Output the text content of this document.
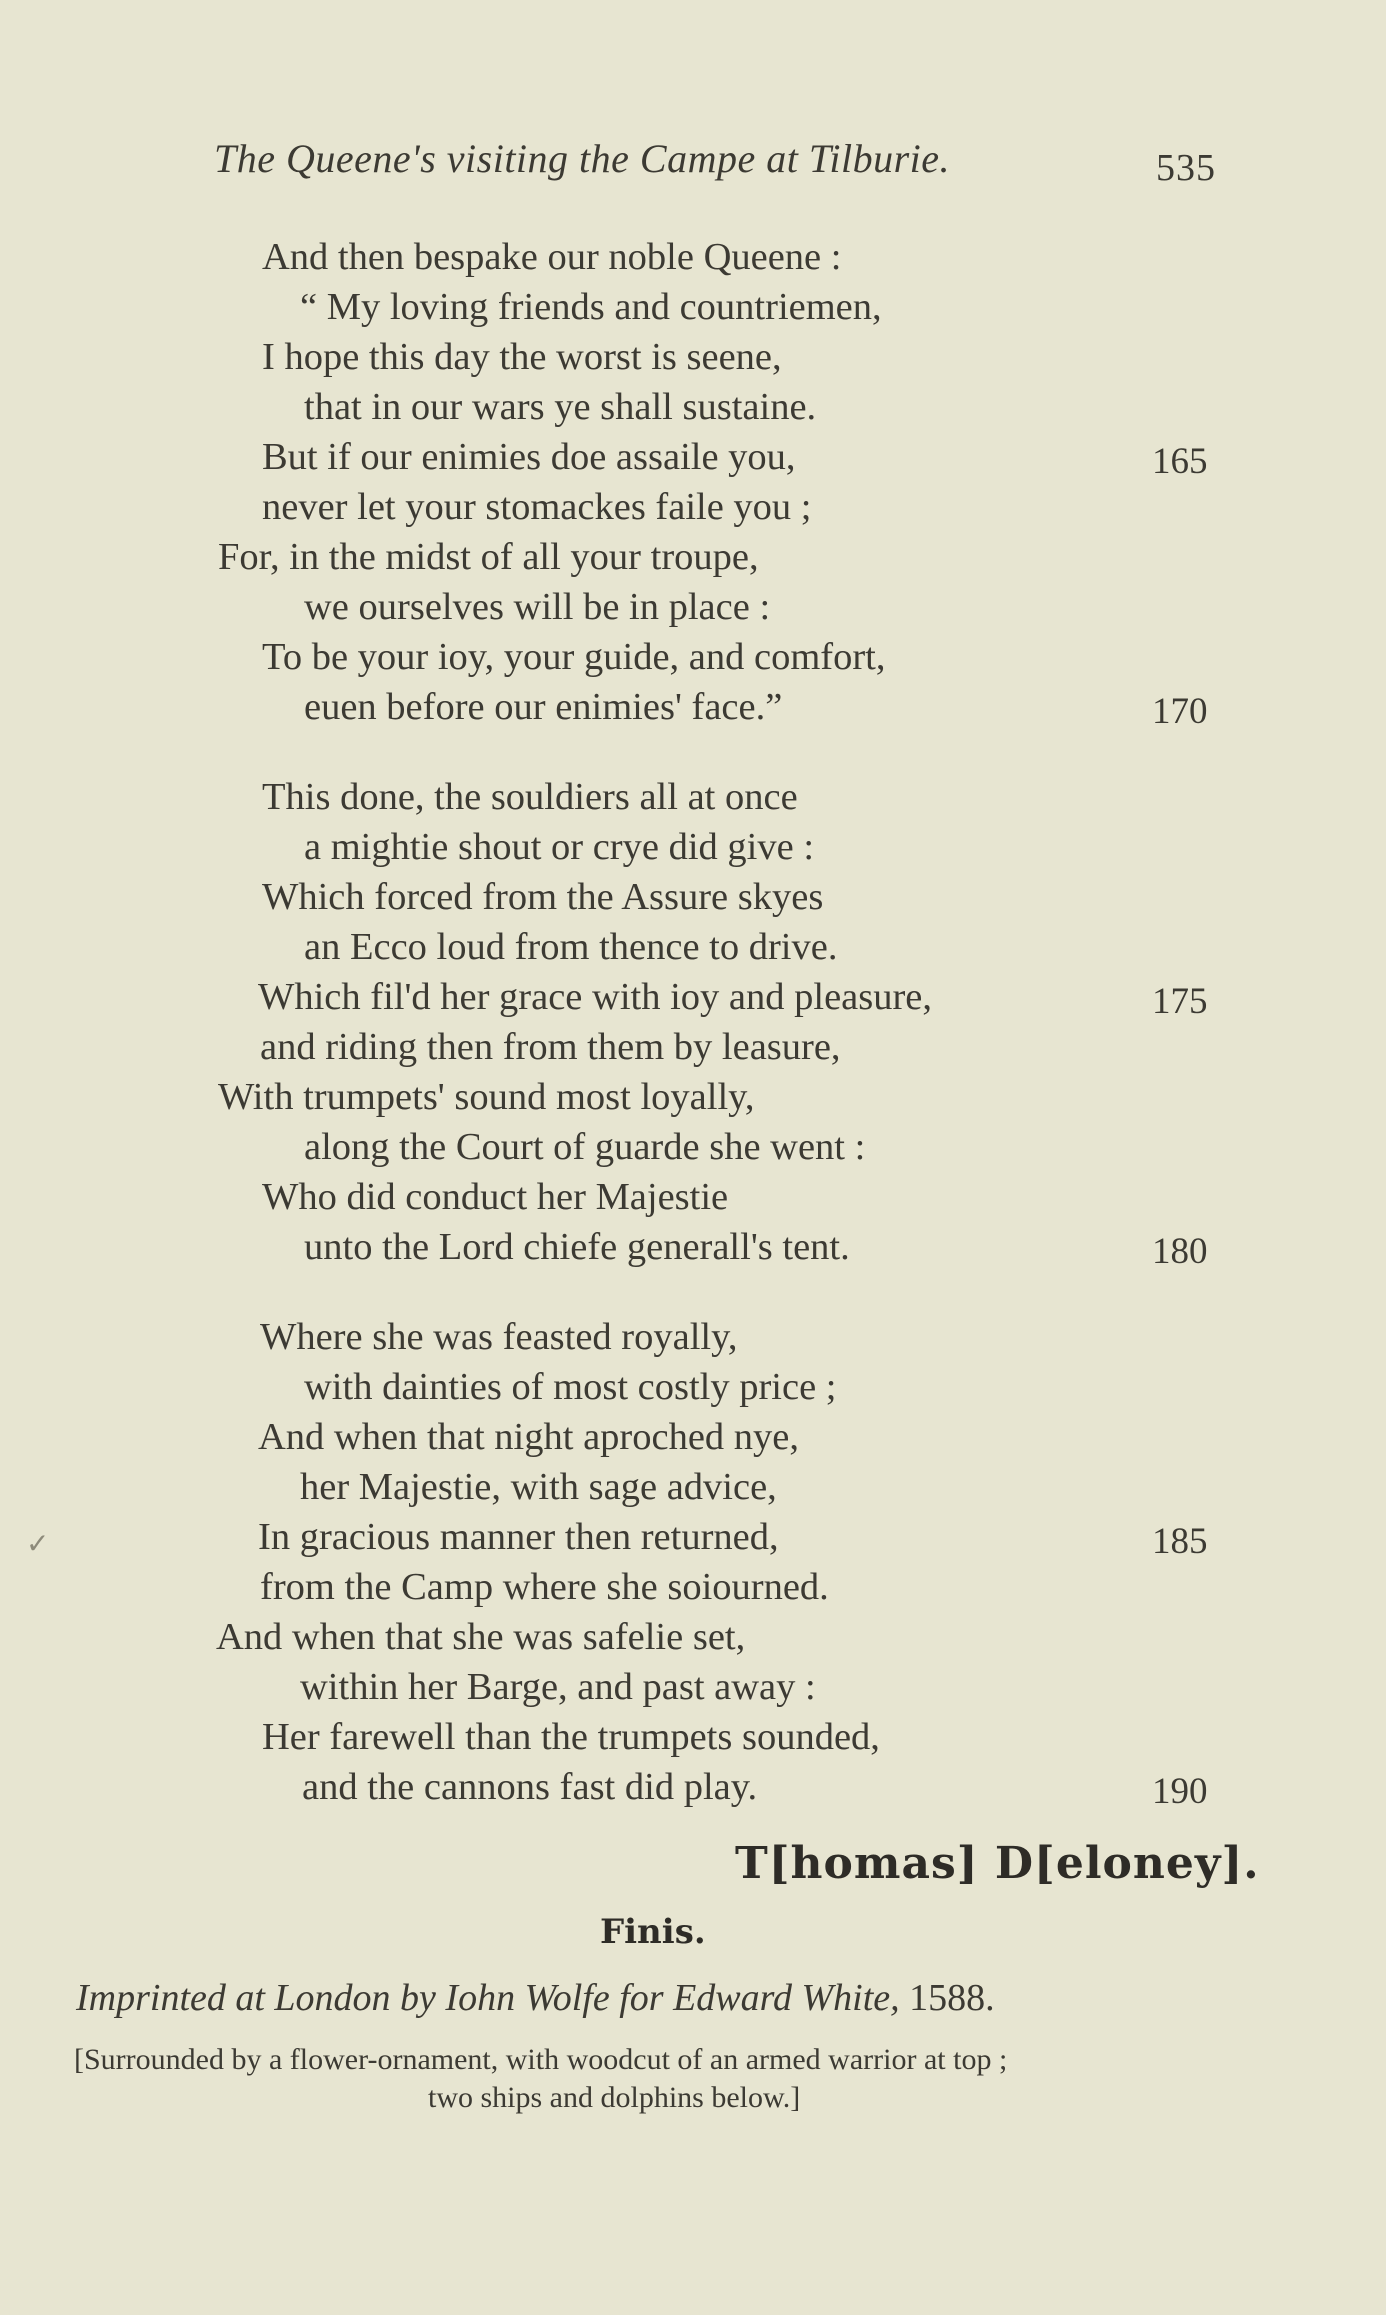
The Queene's visiting the Campe at Tilburie.	535
And then bespake our noble Queene :
“ My loving friends and countriemen,
I hope this day the worst is seene,
that in our wars ye shall sustaine.
But if our enimies doe assaile you,
never let your stomackes faile you ;
For, in the midst of all your troupe,
we ourselves will be in place :
To be your ioy, your guide, and comfort,
euen before our enimies' face.”
This done, the souldiers all at once
a mightie shout or crye did give :
Which forced from the Assure skyes
an Ecco loud from thence to drive.
Which fil'd her grace with ioy and pleasure,
and riding then from them by leasure,
With trumpets' sound most loyally,
along the Court of guarde she went :
Who did conduct her Majestie
unto the Lord chiefe generall's tent.
Where she was feasted royally,
with dainties of most costly price ;
And when that night aproched nye,
her Majestie, with sage advice,
In gracious manner then returned,
from the Camp where she soiourned.
And when that she was safelie set,
within her Barge, and past away :
Her farewell than the trumpets sounded,
and the cannons fast did play.
165
170
175
180
185
190
✓
T[homas] D[eloney].
Finis.
Imprinted at London by Iohn Wolfe for Edward White, 1588.
[Surrounded by a flower-ornament, with woodcut of an armed warrior at top ;
two ships and dolphins below.]
